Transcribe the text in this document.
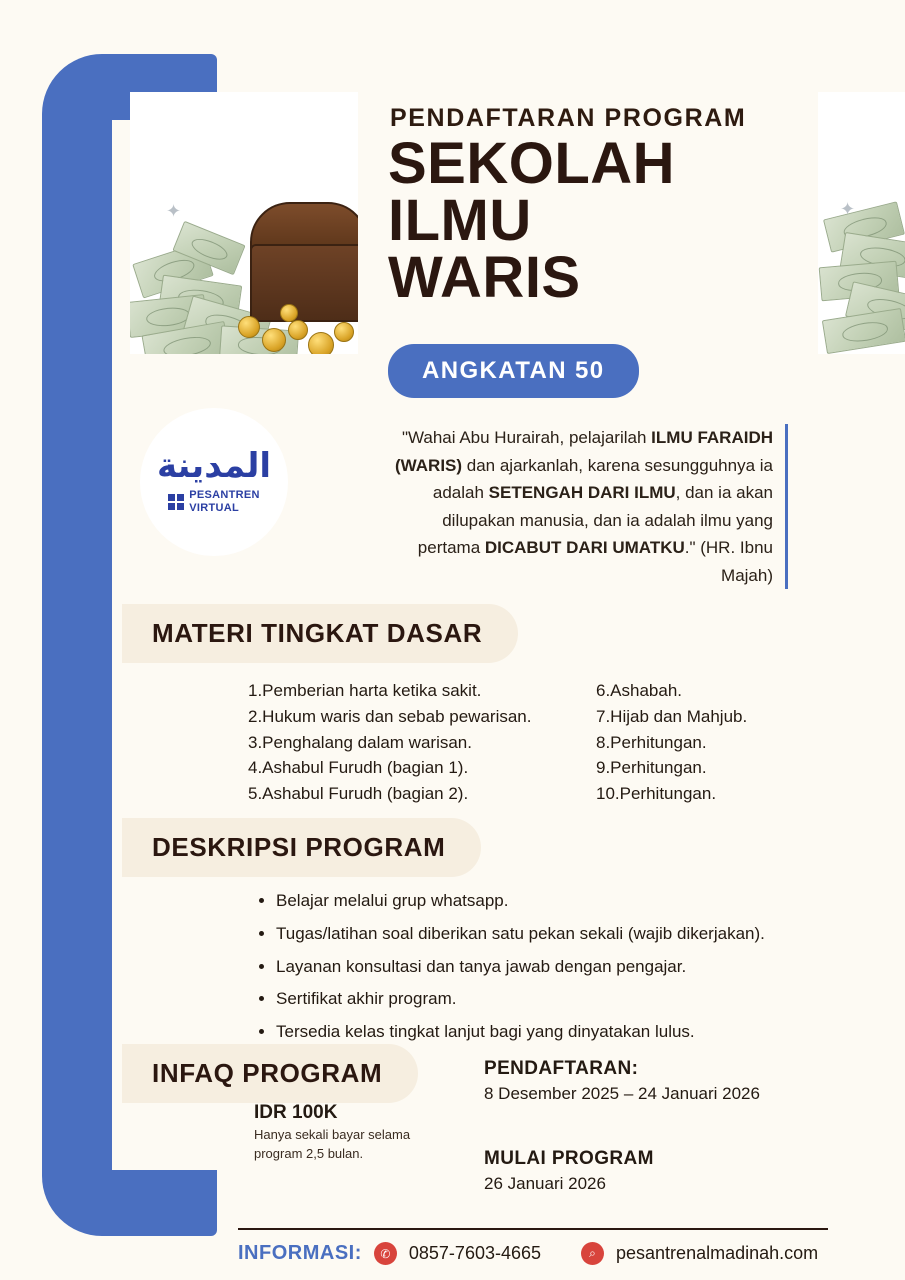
✦	✦
PENDAFTARAN PROGRAM
SEKOLAH
ILMU
WARIS
ANGKATAN 50
المدينة
PESANTREN
VIRTUAL
"Wahai Abu Hurairah, pelajarilah ILMU FARAIDH (WARIS) dan ajarkanlah, karena sesungguhnya ia adalah SETENGAH DARI ILMU, dan ia akan dilupakan manusia, dan ia adalah ilmu yang pertama DICABUT DARI UMATKU." (HR. Ibnu Majah)
MATERI TINGKAT DASAR
1.Pemberian harta ketika sakit.
2.Hukum waris dan sebab pewarisan.
3.Penghalang dalam warisan.
4.Ashabul Furudh (bagian 1).
5.Ashabul Furudh (bagian 2).
6.Ashabah.
7.Hijab dan Mahjub.
8.Perhitungan.
9.Perhitungan.
10.Perhitungan.
DESKRIPSI PROGRAM
• Belajar melalui grup whatsapp.
• Tugas/latihan soal diberikan satu pekan sekali (wajib dikerjakan).
• Layanan konsultasi dan tanya jawab dengan pengajar.
• Sertifikat akhir program.
• Tersedia kelas tingkat lanjut bagi yang dinyatakan lulus.
INFAQ PROGRAM
IDR 100K
Hanya sekali bayar selama program 2,5 bulan.
PENDAFTARAN:
8 Desember 2025 – 24 Januari 2026
MULAI PROGRAM
26 Januari 2026
INFORMASI:	✆	0857-7603-4665	⌕	pesantrenalmadinah.com
